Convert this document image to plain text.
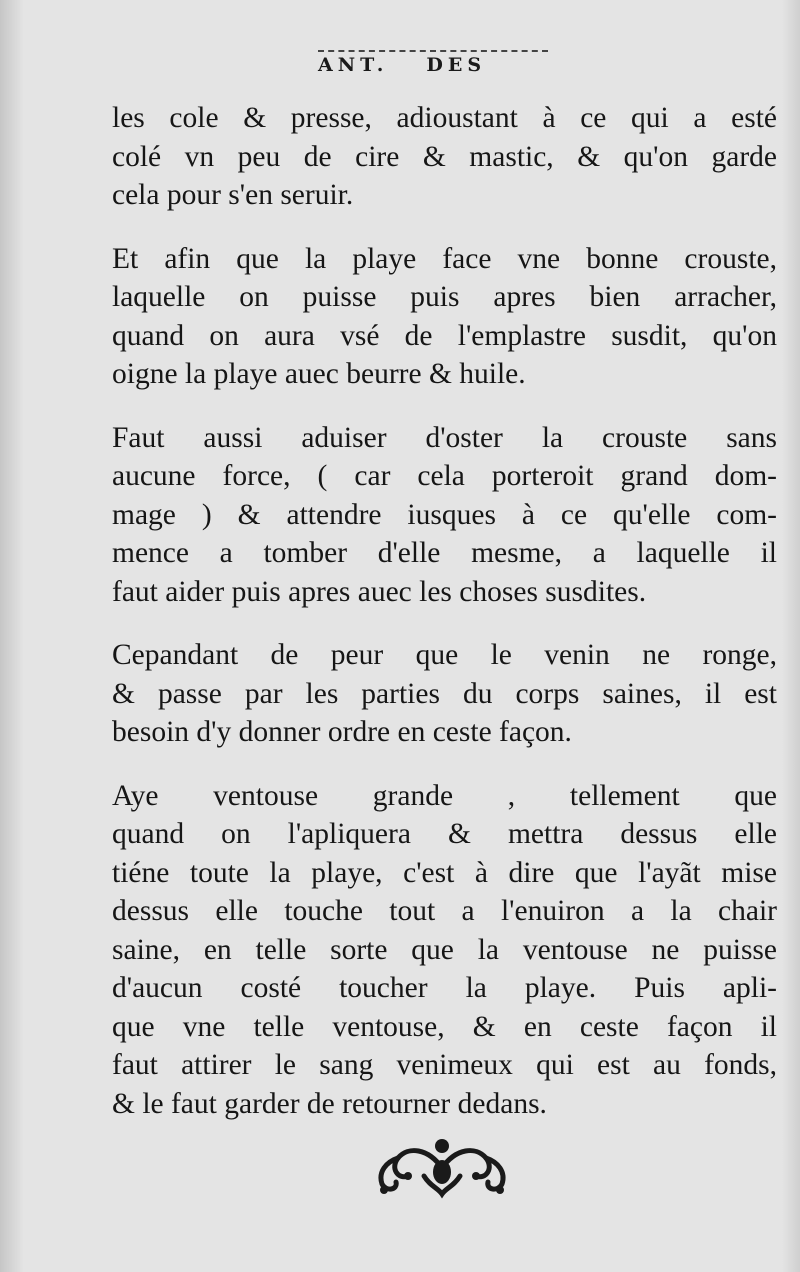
ANT. DES
les cole & presse, adioustant à ce qui a esté
colé vn peu de cire & mastic, & qu'on garde
cela pour s'en seruir.
Et afin que la playe face vne bonne crouste,
laquelle on puisse puis apres bien arracher,
quand on aura vsé de l'emplastre susdit, qu'on
oigne la playe auec beurre & huile.
Faut aussi aduiser d'oster la crouste sans
aucune force, ( car cela porteroit grand dom-
mage ) & attendre iusques à ce qu'elle com-
mence a tomber d'elle mesme, a laquelle il
faut aider puis apres auec les choses susdites.
Cepandant de peur que le venin ne ronge,
& passe par les parties du corps saines, il est
besoin d'y donner ordre en ceste façon.
Aye ventouse grande , tellement que
quand on l'apliquera & mettra dessus elle
tiéne toute la playe, c'est à dire que l'ayãt mise
dessus elle touche tout a l'enuiron a la chair
saine, en telle sorte que la ventouse ne puisse
d'aucun costé toucher la playe. Puis apli-
que vne telle ventouse, & en ceste façon il
faut attirer le sang venimeux qui est au fonds,
& le faut garder de retourner dedans.
